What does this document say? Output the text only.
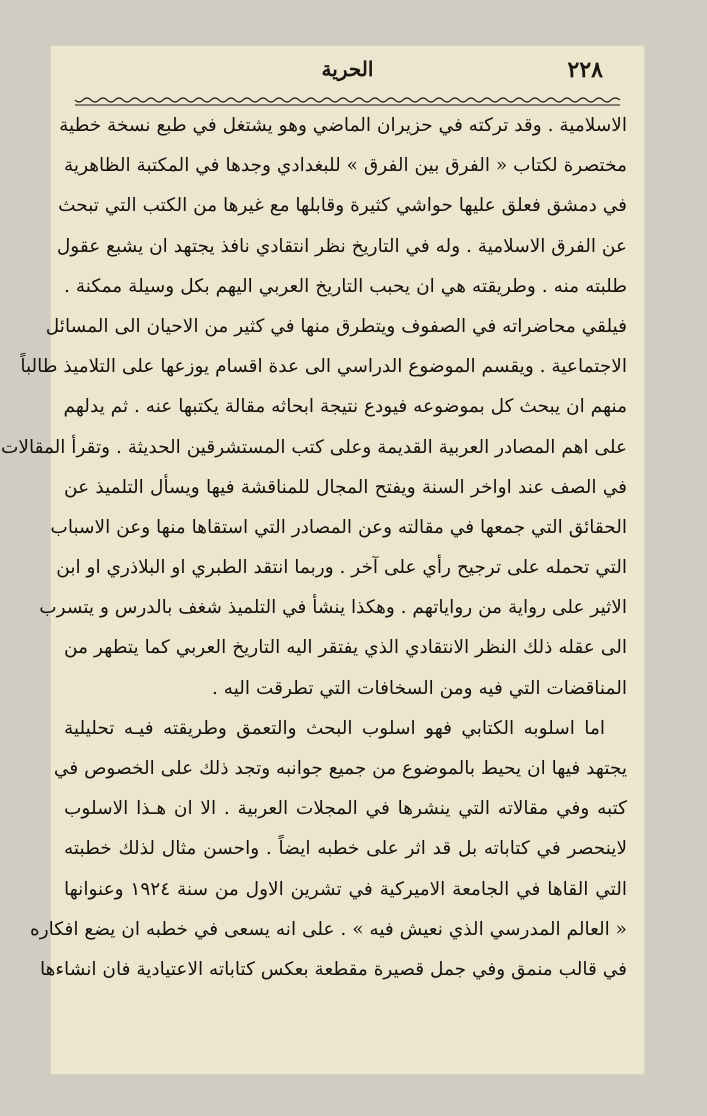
٢٢٨
الحرية
الاسلامية . وقد تركته في حزيران الماضي وهو يشتغل في طبع نسخة خطية
مختصرة لكتاب « الفرق بين الفرق » للبغدادي وجدها في المكتبة الظاهرية
في دمشق فعلق عليها حواشي كثيرة وقابلها مع غيرها من الكتب التي تبحث
عن الفرق الاسلامية . وله في التاريخ نظر انتقادي نافذ يجتهد ان يشبع عقول
طلبته منه . وطريقته هي ان يحبب التاريخ العربي اليهم بكل وسيلة ممكنة .
فيلقي محاضراته في الصفوف ويتطرق منها في كثير من الاحيان الى المسائل
الاجتماعية . ويقسم الموضوع الدراسي الى عدة اقسام يوزعها على التلاميذ طالباً
منهم ان يبحث كل بموضوعه فيودع نتيجة ابحاثه مقالة يكتبها عنه . ثم يدلهم
على اهم المصادر العربية القديمة وعلى كتب المستشرقين الحديثة . وتقرأ المقالات
في الصف عند اواخر السنة ويفتح المجال للمناقشة فيها ويسأل التلميذ عن
الحقائق التي جمعها في مقالته وعن المصادر التي استقاها منها وعن الاسباب
التي تحمله على ترجيح رأي على آخر . وربما انتقد الطبري او البلاذري او ابن
الاثير على رواية من رواياتهم . وهكذا ينشأ في التلميذ شغف بالدرس و يتسرب
الى عقله ذلك النظر الانتقادي الذي يفتقر اليه التاريخ العربي كما يتطهر من
المناقضات التي فيه ومن السخافات التي تطرقت اليه .
اما اسلوبه الكتابي فهو اسلوب البحث والتعمق وطريقته فيـه تحليلية
يجتهد فيها ان يحيط بالموضوع من جميع جوانبه وتجد ذلك على الخصوص في
كتبه وفي مقالاته التي ينشرها في المجلات العربية . الا ان هـذا الاسلوب
لاينحصر في كتاباته بل قد اثر على خطبه ايضاً . واحسن مثال لذلك خطبته
التي القاها في الجامعة الاميركية في تشرين الاول من سنة ١٩٢٤ وعنوانها
« العالم المدرسي الذي نعيش فيه » . على انه يسعى في خطبه ان يضع افكاره
في قالب منمق وفي جمل قصيرة مقطعة بعكس كتاباته الاعتيادية فان انشاءها
